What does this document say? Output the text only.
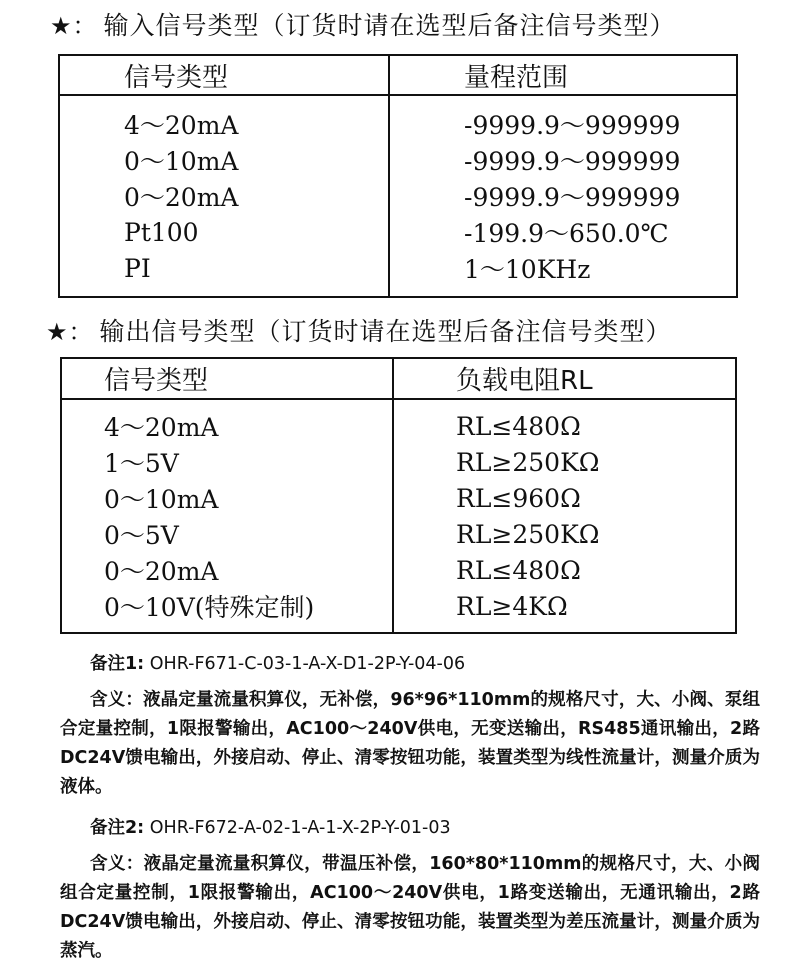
★： 输入信号类型（订货时请在选型后备注信号类型）
信号类型	量程范围
4～20mA	-9999.9～999999
0～10mA	-9999.9～999999
0～20mA	-9999.9～999999
Pt100	-199.9～650.0℃
PI	1～10KHz
★： 输出信号类型（订货时请在选型后备注信号类型）
信号类型	负载电阻RL
4～20mA	RL≤480Ω
1～5V	RL≥250KΩ
0～10mA	RL≤960Ω
0～5V	RL≥250KΩ
0～20mA	RL≤480Ω
0～10V(特殊定制)	RL≥4KΩ
备注1: OHR-F671-C-03-1-A-X-D1-2P-Y-04-06
含义：液晶定量流量积算仪，无补偿，96*96*110mm的规格尺寸，大、小阀、泵组合定量控制，1限报警输出，AC100～240V供电，无变送输出，RS485通讯输出，2路DC24V馈电输出，外接启动、停止、清零按钮功能，装置类型为线性流量计，测量介质为液体。
备注2: OHR-F672-A-02-1-A-1-X-2P-Y-01-03
含义：液晶定量流量积算仪，带温压补偿，160*80*110mm的规格尺寸，大、小阀组合定量控制，1限报警输出，AC100～240V供电，1路变送输出，无通讯输出，2路DC24V馈电输出，外接启动、停止、清零按钮功能，装置类型为差压流量计，测量介质为蒸汽。
